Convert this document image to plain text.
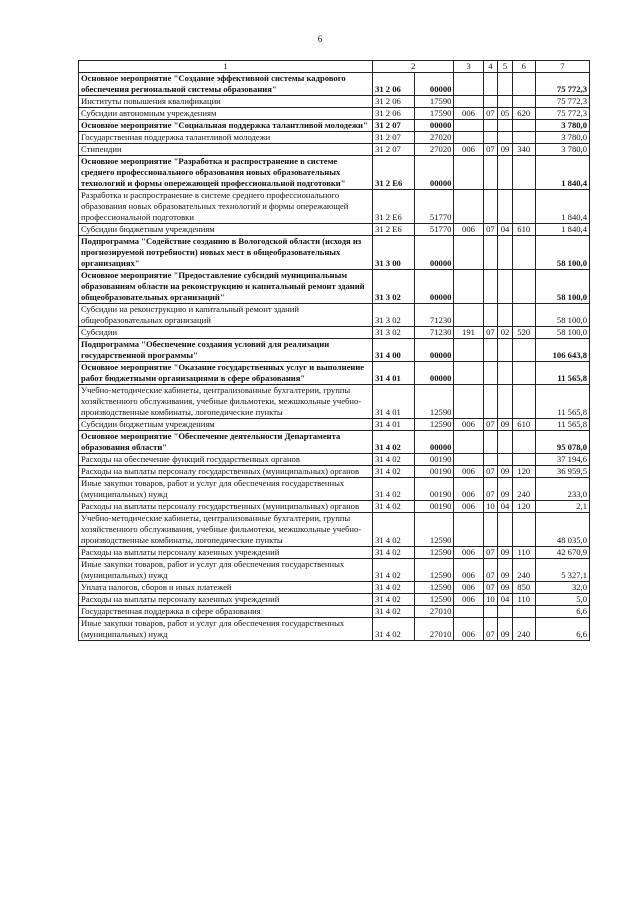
6
1	2		3	4	5	6	7
Основное мероприятие "Создание эффективной системы кадрового обеспечения региональной системы образования"	31 2 06	00000					75 772,3
Институты повышения квалификации	31 2 06	17590					75 772,3
Субсидии автономным учреждениям	31 2 06	17590	006	07	05	620	75 772,3
Основное мероприятие "Социальная поддержка талантливой молодежи"	31 2 07	00000					3 780,0
Государственная поддержка талантливой молодежи	31 2 07	27020					3 780,0
Стипендии	31 2 07	27020	006	07	09	340	3 780,0
Основное мероприятие "Разработка и распространение в системе среднего профессионального образования новых образовательных технологий и формы опережающей профессиональной подготовки"	31 2 E6	00000					1 840,4
Разработка и распространение в системе среднего профессионального образования новых образовательных технологий и формы опережающей профессиональной подготовки	31 2 E6	51770					1 840,4
Субсидии бюджетным учреждениям	31 2 E6	51770	006	07	04	610	1 840,4
Подпрограмма "Содействие созданию в Вологодской области (исходя из прогнозируемой потребности) новых мест в общеобразовательных организациях"	31 3 00	00000					58 100,0
Основное мероприятие "Предоставление субсидий муниципальным образованиям области на реконструкцию и капитальный ремонт зданий общеобразовательных организаций"	31 3 02	00000					58 100,0
Субсидии на реконструкцию и капитальный ремонт зданий общеобразовательных организаций	31 3 02	71230					58 100,0
Субсидии	31 3 02	71230	191	07	02	520	58 100,0
Подпрограмма "Обеспечение создания условий для реализации государственной программы"	31 4 00	00000					106 643,8
Основное мероприятие "Оказание государственных услуг и выполнение работ бюджетными организациями в сфере образования"	31 4 01	00000					11 565,8
Учебно-методические кабинеты, централизованные бухгалтерии, группы хозяйственного обслуживания, учебные фильмотеки, межшкольные учебно-производственные комбинаты, логопедические пункты	31 4 01	12590					11 565,8
Субсидии бюджетным учреждениям	31 4 01	12590	006	07	09	610	11 565,8
Основное мероприятие "Обеспечение деятельности Департамента образования области"	31 4 02	00000					95 078,0
Расходы на обеспечение функций государственных органов	31 4 02	00190					37 194,6
Расходы на выплаты персоналу государственных (муниципальных) органов	31 4 02	00190	006	07	09	120	36 959,5
Иные закупки товаров, работ и услуг для обеспечения государственных (муниципальных) нужд	31 4 02	00190	006	07	09	240	233,0
Расходы на выплаты персоналу государственных (муниципальных) органов	31 4 02	00190	006	10	04	120	2,1
Учебно-методические кабинеты, централизованные бухгалтерии, группы хозяйственного обслуживания, учебные фильмотеки, межшкольные учебно-производственные комбинаты, логопедические пункты	31 4 02	12590					48 035,0
Расходы на выплаты персоналу казенных учреждений	31 4 02	12590	006	07	09	110	42 670,9
Иные закупки товаров, работ и услуг для обеспечения государственных (муниципальных) нужд	31 4 02	12590	006	07	09	240	5 327,1
Уплата налогов, сборов и иных платежей	31 4 02	12590	006	07	09	850	32,0
Расходы на выплаты персоналу казенных учреждений	31 4 02	12590	006	10	04	110	5,0
Государственная поддержка в сфере образования	31 4 02	27010					6,6
Иные закупки товаров, работ и услуг для обеспечения государственных (муниципальных) нужд	31 4 02	27010	006	07	09	240	6,6
